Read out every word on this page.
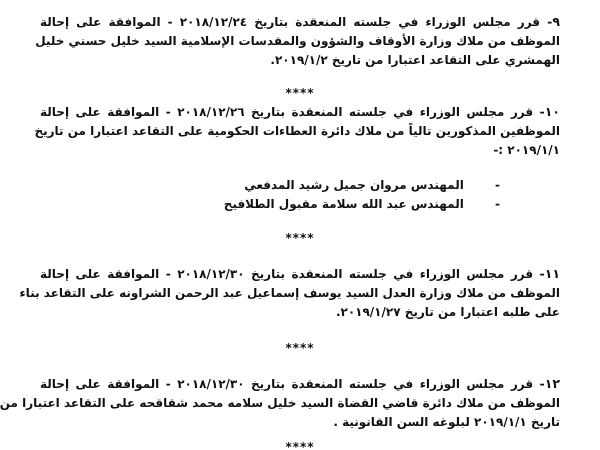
٩- قرر مجلس الوزراء في جلسته المنعقدة بتاريخ ٢٠١٨/١٢/٢٤ - الموافقة على إحالة
الموظف من ملاك وزارة الأوقاف والشؤون والمقدسات الإسلامية السيد خليل حسني خليل
الهمشري على التقاعد اعتبارا من تاريخ ٢٠١٩/١/٢.
****
١٠- قرر مجلس الوزراء في جلسته المنعقدة بتاريخ ٢٠١٨/١٢/٢٦ - الموافقة على إحالة
الموظفين المذكورين تالياً من ملاك دائرة العطاءات الحكومية على التقاعد اعتبارا من تاريخ
٢٠١٩/١/١ :-
- المهندس مروان جميل رشيد المدفعي
- المهندس عبد الله سلامة مقبول الطلافيح
****
١١- قرر مجلس الوزراء في جلسته المنعقدة بتاريخ ٢٠١٨/١٢/٣٠ - الموافقة على إحالة
الموظف من ملاك وزارة العدل السيد يوسف إسماعيل عبد الرحمن الشراونه على التقاعد بناء
على طلبه اعتبارا من تاريخ ٢٠١٩/١/٢٧.
****
١٢- قرر مجلس الوزراء في جلسته المنعقدة بتاريخ ٢٠١٨/١٢/٣٠ - الموافقة على إحالة
الموظف من ملاك دائرة قاضي القضاة السيد خليل سلامه محمد شقاقحه على التقاعد اعتبارا من
تاريخ ٢٠١٩/١/١ لبلوغه السن القانونية .
****
